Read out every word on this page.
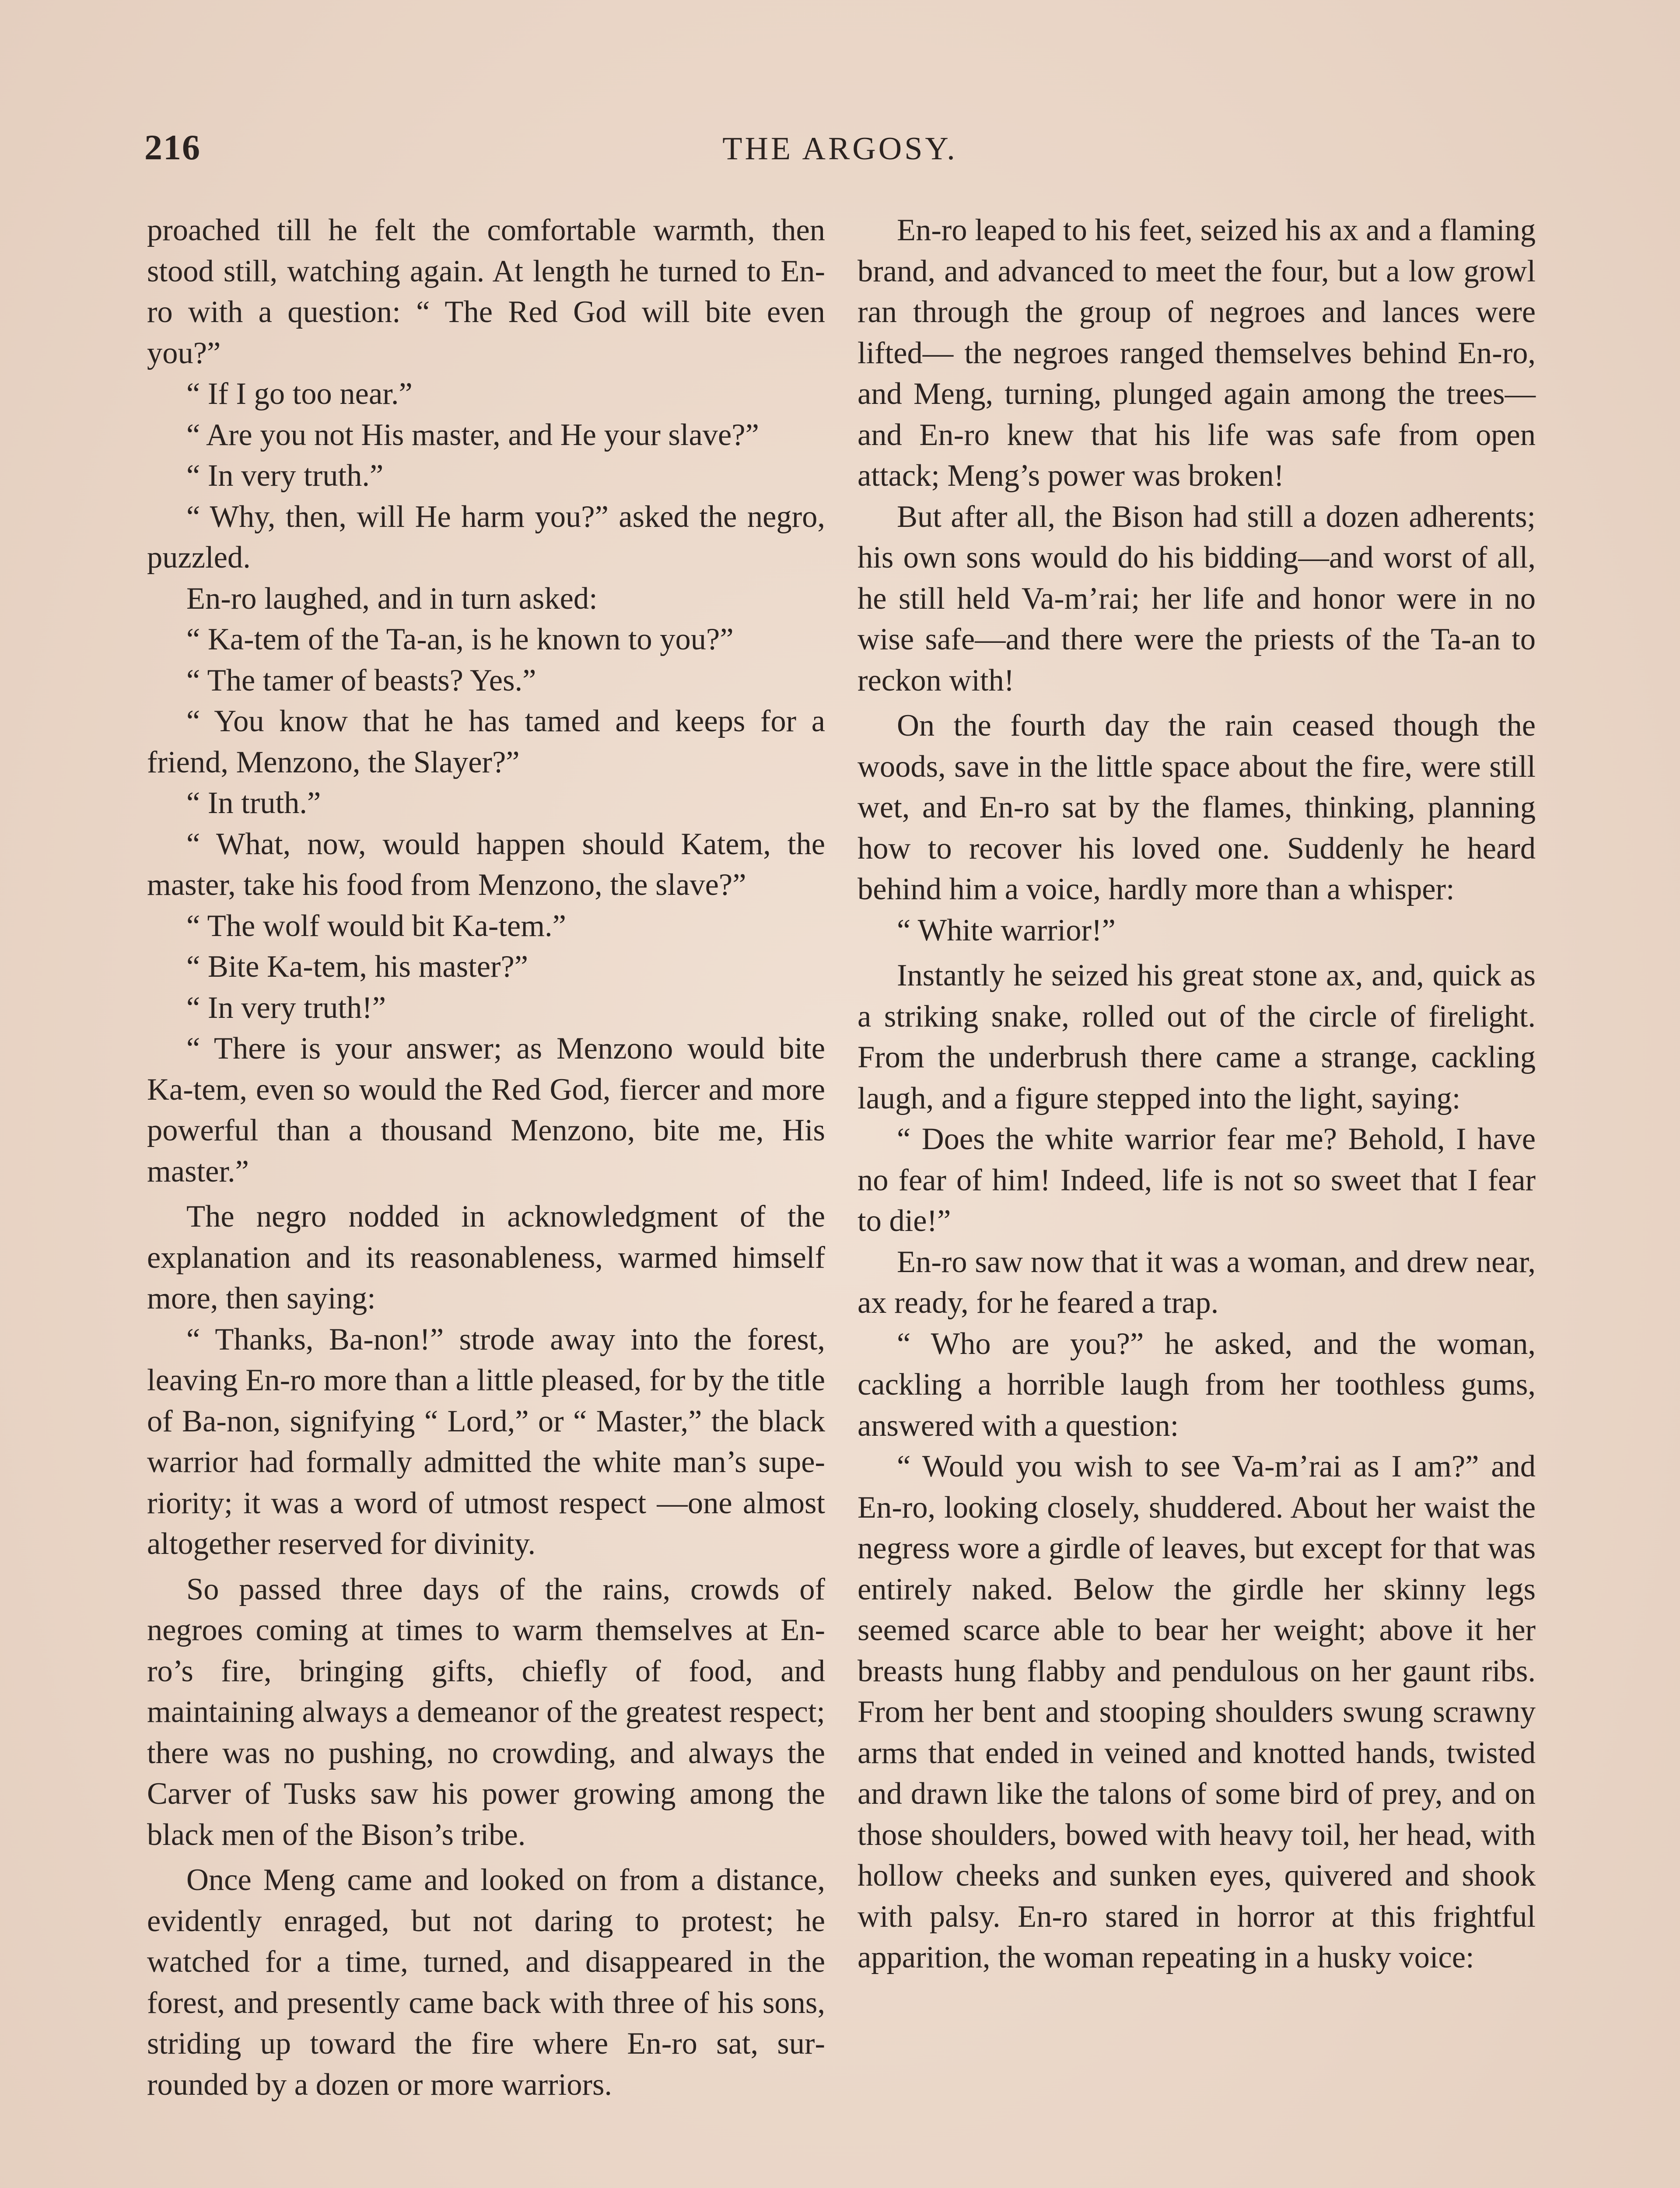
216	THE ARGOSY.

proached till he felt the comfortable warmth, then stood still, watching again. At length he turned to En-ro with a question: “ The Red God will bite even you?”

“ If I go too near.”

“ Are you not His master, and He your slave?”

“ In very truth.”

“ Why, then, will He harm you?” asked the negro, puzzled.

En-ro laughed, and in turn asked:

“ Ka-tem of the Ta-an, is he known to you?”

“ The tamer of beasts? Yes.”

“ You know that he has tamed and keeps for a friend, Menzono, the Slayer?”

“ In truth.”

“ What, now, would happen should Katem, the master, take his food from Menzono, the slave?”

“ The wolf would bit Ka-tem.”

“ Bite Ka-tem, his master?”

“ In very truth!”

“ There is your answer; as Menzono would bite Ka-tem, even so would the Red God, fiercer and more powerful than a thousand Menzono, bite me, His master.”

The negro nodded in acknowledgment of the explanation and its reasonableness, warmed himself more, then saying:

“ Thanks, Ba-non!” strode away into the forest, leaving En-ro more than a little pleased, for by the title of Ba-non, signifying “ Lord,” or “ Master,” the black warrior had formally admitted the white man’s superiority; it was a word of utmost respect —one almost altogether reserved for divinity.

So passed three days of the rains, crowds of negroes coming at times to warm themselves at En-ro’s fire, bringing gifts, chiefly of food, and maintaining always a demeanor of the greatest respect; there was no pushing, no crowding, and always the Carver of Tusks saw his power growing among the black men of the Bison’s tribe.

Once Meng came and looked on from a distance, evidently enraged, but not daring to protest; he watched for a time, turned, and disappeared in the forest, and presently came back with three of his sons, striding up toward the fire where En-ro sat, surrounded by a dozen or more warriors.

En-ro leaped to his feet, seized his ax and a flaming brand, and advanced to meet the four, but a low growl ran through the group of negroes and lances were lifted— the negroes ranged themselves behind En-ro, and Meng, turning, plunged again among the trees—and En-ro knew that his life was safe from open attack; Meng’s power was broken!

But after all, the Bison had still a dozen adherents; his own sons would do his bidding—and worst of all, he still held Va-m’rai; her life and honor were in no wise safe—and there were the priests of the Ta-an to reckon with!

On the fourth day the rain ceased though the woods, save in the little space about the fire, were still wet, and En-ro sat by the flames, thinking, planning how to recover his loved one. Suddenly he heard behind him a voice, hardly more than a whisper:

“ White warrior!”

Instantly he seized his great stone ax, and, quick as a striking snake, rolled out of the circle of firelight. From the underbrush there came a strange, cackling laugh, and a figure stepped into the light, saying:

“ Does the white warrior fear me? Behold, I have no fear of him! Indeed, life is not so sweet that I fear to die!”

En-ro saw now that it was a woman, and drew near, ax ready, for he feared a trap.

“ Who are you?” he asked, and the woman, cackling a horrible laugh from her toothless gums, answered with a question:

“ Would you wish to see Va-m’rai as I am?” and En-ro, looking closely, shuddered. About her waist the negress wore a girdle of leaves, but except for that was entirely naked. Below the girdle her skinny legs seemed scarce able to bear her weight; above it her breasts hung flabby and pendulous on her gaunt ribs. From her bent and stooping shoulders swung scrawny arms that ended in veined and knotted hands, twisted and drawn like the talons of some bird of prey, and on those shoulders, bowed with heavy toil, her head, with hollow cheeks and sunken eyes, quivered and shook with palsy. En-ro stared in horror at this frightful apparition, the woman repeating in a husky voice:
